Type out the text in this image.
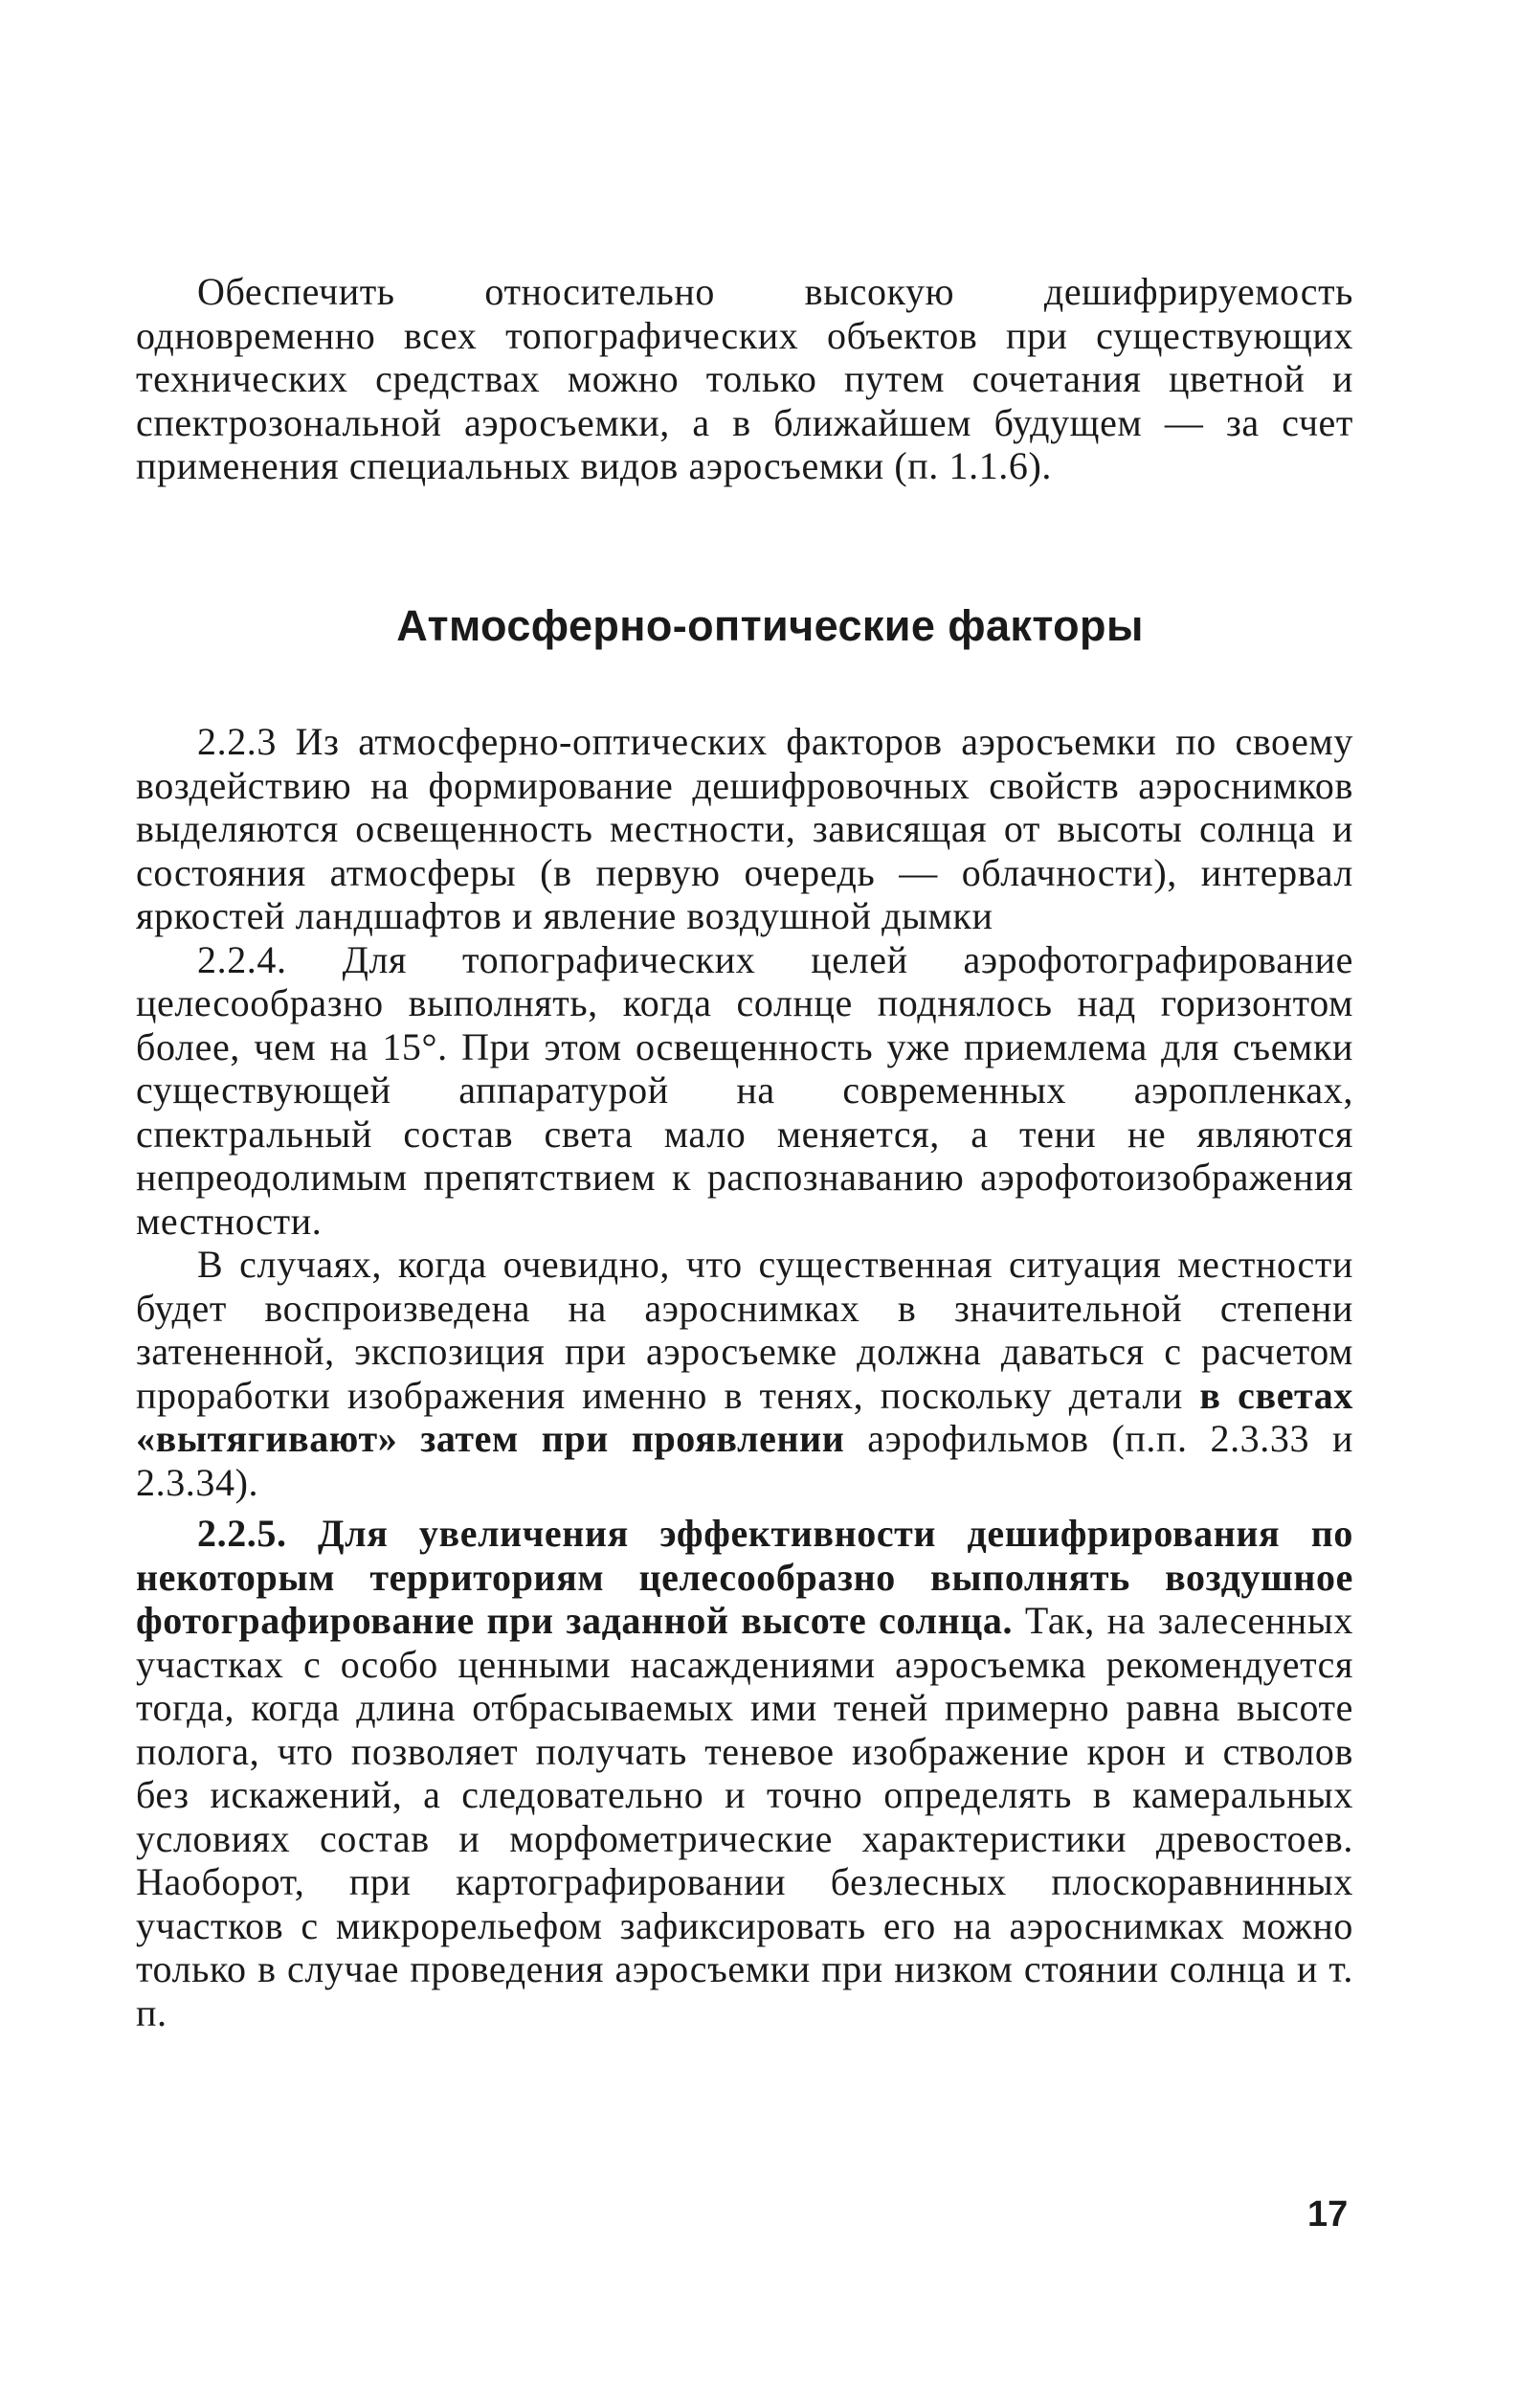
Обеспечить относительно высокую дешифрируемость одновременно всех топографических объектов при существующих технических средствах можно только путем сочетания цветной и спектрозональной аэросъемки, а в ближайшем будущем — за счет применения специальных видов аэросъемки (п. 1.1.6).

Атмосферно-оптические факторы

2.2.3 Из атмосферно-оптических факторов аэросъемки по своему воздействию на формирование дешифровочных свойств аэроснимков выделяются освещенность местности, зависящая от высоты солнца и состояния атмосферы (в первую очередь — облачности), интервал яркостей ландшафтов и явление воздушной дымки

2.2.4. Для топографических целей аэрофотографирование целесообразно выполнять, когда солнце поднялось над горизонтом более, чем на 15°. При этом освещенность уже приемлема для съемки существующей аппаратурой на современных аэропленках, спектральный состав света мало меняется, а тени не являются непреодолимым препятствием к распознаванию аэрофотоизображения местности.

В случаях, когда очевидно, что существенная ситуация местности будет воспроизведена на аэроснимках в значительной степени затененной, экспозиция при аэросъемке должна даваться с расчетом проработки изображения именно в тенях, поскольку детали в светах «вытягивают» затем при проявлении аэрофильмов (п.п. 2.3.33 и 2.3.34).

2.2.5. Для увеличения эффективности дешифрирования по некоторым территориям целесообразно выполнять воздушное фотографирование при заданной высоте солнца. Так, на залесенных участках с особо ценными насаждениями аэросъемка рекомендуется тогда, когда длина отбрасываемых ими теней примерно равна высоте полога, что позволяет получать теневое изображение крон и стволов без искажений, а следовательно и точно определять в камеральных условиях состав и морфометрические характеристики древостоев. Наоборот, при картографировании безлесных плоскоравнинных участков с микрорельефом зафиксировать его на аэроснимках можно только в случае проведения аэросъемки при низком стоянии солнца и т. п.

17
